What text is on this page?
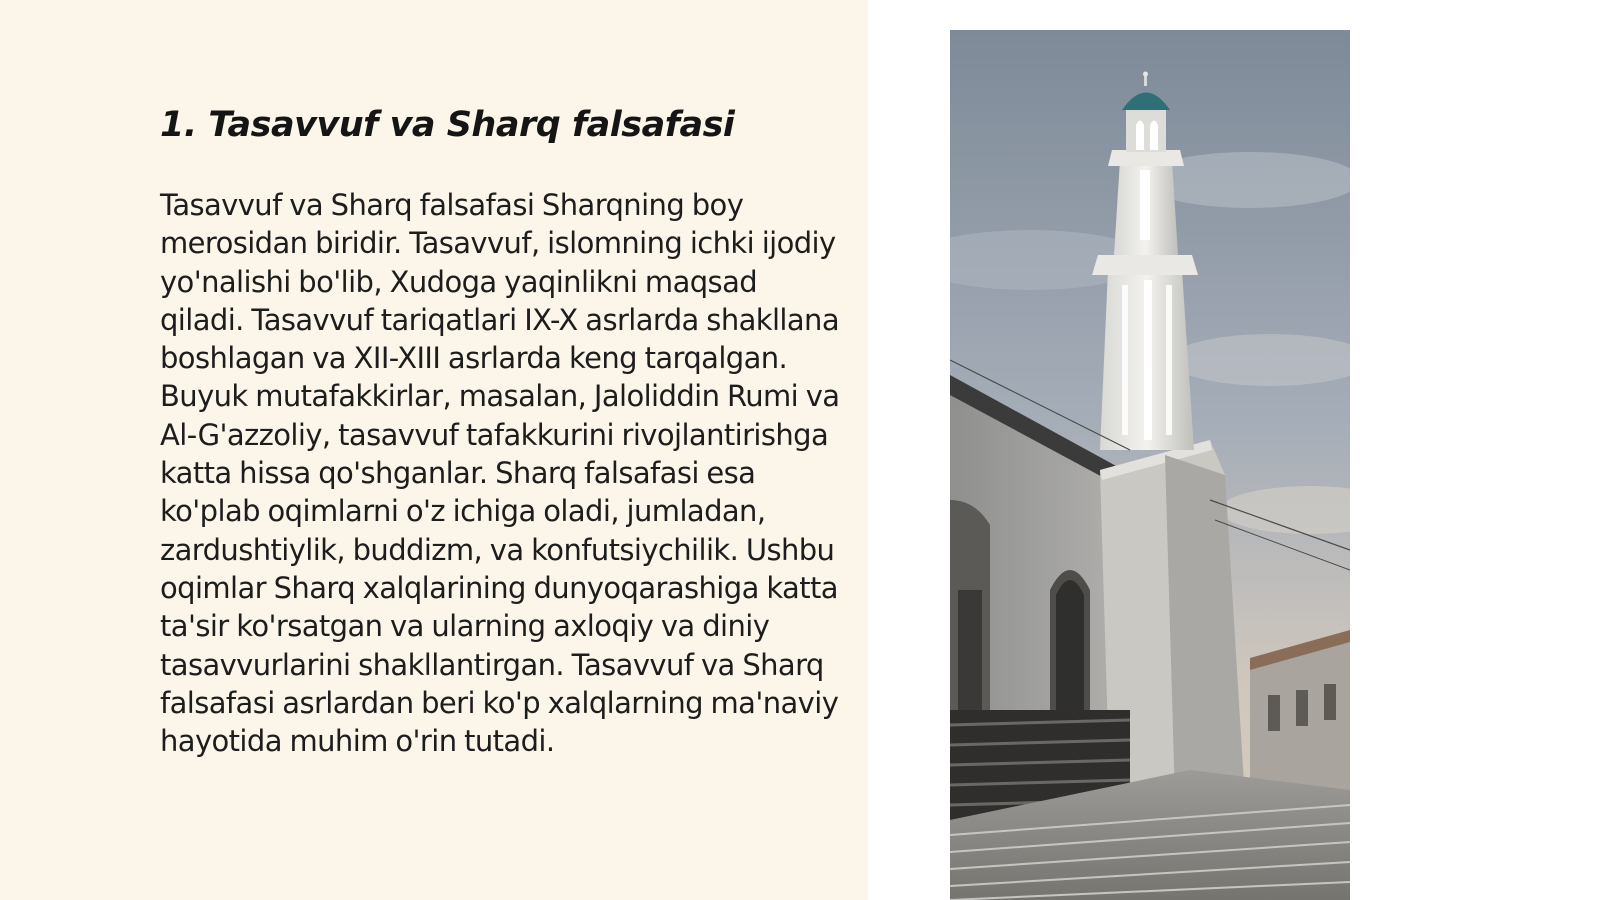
1. Tasavvuf va Sharq falsafasi

Tasavvuf va Sharq falsafasi Sharqning boy merosidan biridir. Tasavvuf, islomning ichki ijodiy yo'nalishi bo'lib, Xudoga yaqinlikni maqsad qiladi. Tasavvuf tariqatlari IX-X asrlarda shakllana boshlagan va XII-XIII asrlarda keng tarqalgan. Buyuk mutafakkirlar, masalan, Jaloliddin Rumi va Al-G'azzoliy, tasavvuf tafakkurini rivojlantirishga katta hissa qo'shganlar. Sharq falsafasi esa ko'plab oqimlarni o'z ichiga oladi, jumladan, zardushtiylik, buddizm, va konfutsiychilik. Ushbu oqimlar Sharq xalqlarining dunyoqarashiga katta ta'sir ko'rsatgan va ularning axloqiy va diniy tasavvurlarini shakllantirgan. Tasavvuf va Sharq falsafasi asrlardan beri ko'p xalqlarning ma'naviy hayotida muhim o'rin tutadi.
